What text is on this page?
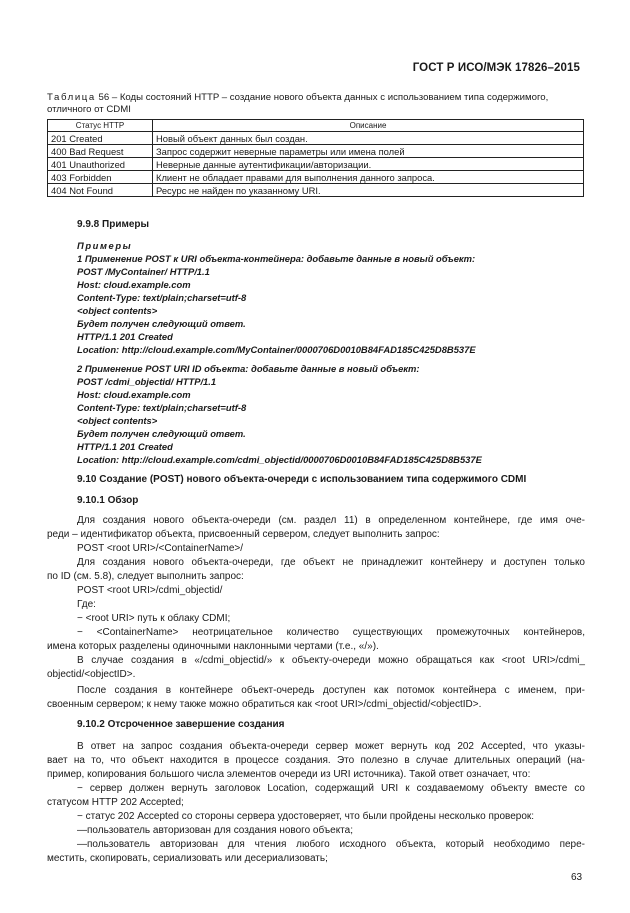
ГОСТ Р ИСО/МЭК 17826–2015
Таблица 56 – Коды состояний HTTP – создание нового объекта данных с использованием типа содержимого, отличного от CDMI
Статус HTTP	Описание
201 Created	Новый объект данных был создан.
400 Bad Request	Запрос содержит неверные параметры или имена полей
401 Unauthorized	Неверные данные аутентификации/авторизации.
403 Forbidden	Клиент не обладает правами для выполнения данного запроса.
404 Not Found	Ресурс не найден по указанному URI.
9.9.8 Примеры
Примеры
1 Применение POST к URI объекта-контейнера: добавьте данные в новый объект:
POST /MyContainer/ HTTP/1.1
Host: cloud.example.com
Content-Type: text/plain;charset=utf-8
<object contents>
Будет получен следующий ответ.
HTTP/1.1 201 Created
Location: http://cloud.example.com/MyContainer/0000706D0010B84FAD185C425D8B537E
2 Применение POST URI ID объекта: добавьте данные в новый объект:
POST /cdmi_objectid/ HTTP/1.1
Host: cloud.example.com
Content-Type: text/plain;charset=utf-8
<object contents>
Будет получен следующий ответ.
HTTP/1.1 201 Created
Location: http://cloud.example.com/cdmi_objectid/0000706D0010B84FAD185C425D8B537E
9.10 Создание (POST) нового объекта-очереди с использованием типа содержимого CDMI
9.10.1 Обзор
Для создания нового объекта-очереди (см. раздел 11) в определенном контейнере, где имя оче-
реди – идентификатор объекта, присвоенный сервером, следует выполнить запрос:
POST <root URI>/<ContainerName>/
Для создания нового объекта-очереди, где объект не принадлежит контейнеру и доступен только
по ID (см. 5.8), следует выполнить запрос:
POST <root URI>/cdmi_objectid/
Где:
− <root URI> путь к облаку CDMI;
− <ContainerName> неотрицательное количество существующих промежуточных контейнеров,
имена которых разделены одиночными наклонными чертами (т.е., «/»).
В случае создания в «/cdmi_objectid/» к объекту-очереди можно обращаться как <root URI>/cdmi_
objectid/<objectID>.
После создания в контейнере объект-очередь доступен как потомок контейнера с именем, при-
своенным сервером; к нему также можно обратиться как <root URI>/cdmi_objectid/<objectID>.
9.10.2 Отсроченное завершение создания
В ответ на запрос создания объекта-очереди сервер может вернуть код 202 Accepted, что указы-
вает на то, что объект находится в процессе создания. Это полезно в случае длительных операций (на-
пример, копирования большого числа элементов очереди из URI источника). Такой ответ означает, что:
− сервер должен вернуть заголовок Location, содержащий URI к создаваемому объекту вместе со
статусом HTTP 202 Accepted;
− статус 202 Accepted со стороны сервера удостоверяет, что были пройдены несколько проверок:
—пользователь авторизован для создания нового объекта;
—пользователь авторизован для чтения любого исходного объекта, который необходимо пере-
местить, скопировать, сериализовать или десериализовать;
63
